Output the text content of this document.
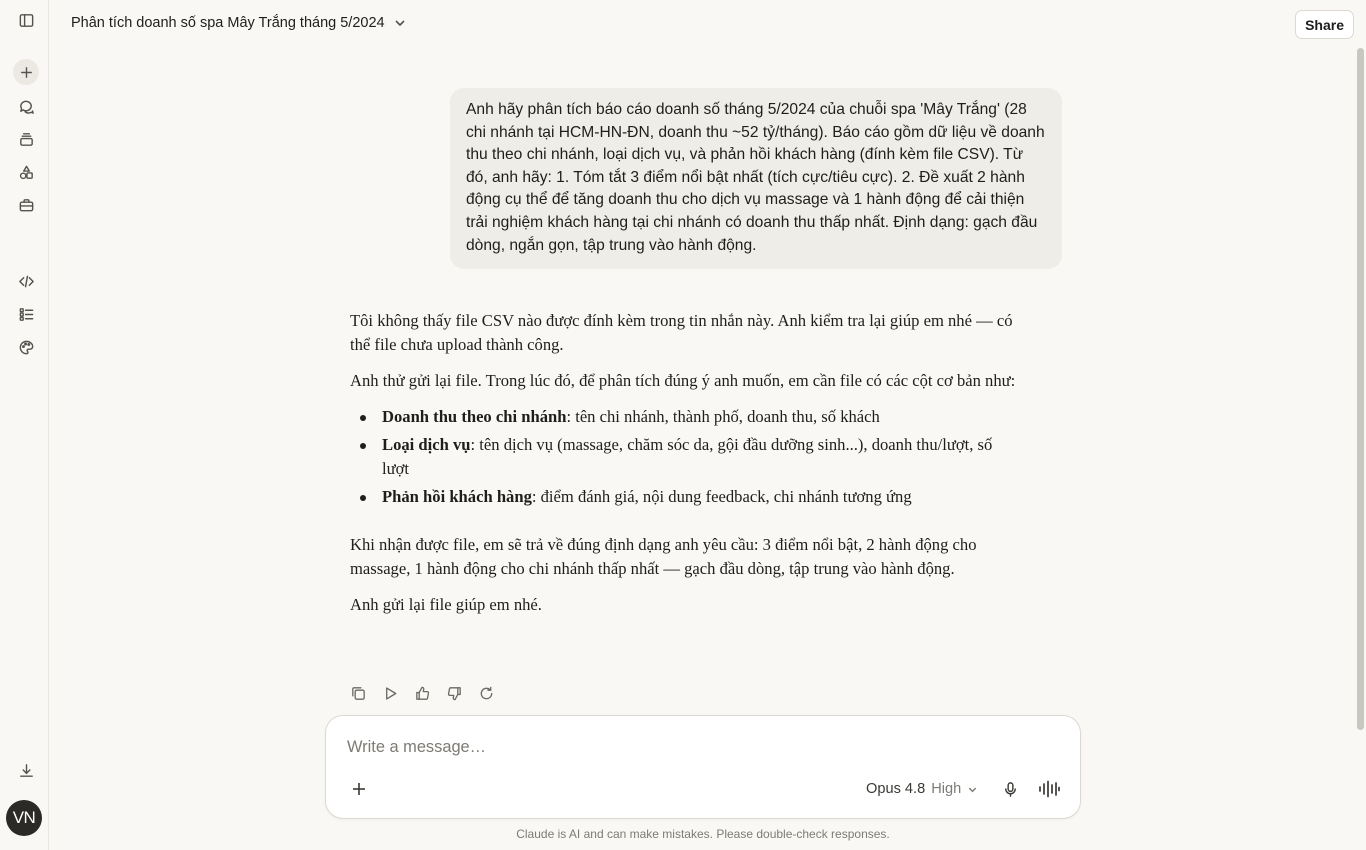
VN
Phân tích doanh số spa Mây Trắng tháng 5/2024	Share
Anh hãy phân tích báo cáo doanh số tháng 5/2024 của chuỗi spa 'Mây Trắng' (28 chi nhánh tại HCM-HN-ĐN, doanh thu ~52 tỷ/tháng). Báo cáo gồm dữ liệu về doanh thu theo chi nhánh, loại dịch vụ, và phản hồi khách hàng (đính kèm file CSV). Từ đó, anh hãy: 1. Tóm tắt 3 điểm nổi bật nhất (tích cực/tiêu cực). 2. Đề xuất 2 hành động cụ thể để tăng doanh thu cho dịch vụ massage và 1 hành động để cải thiện trải nghiệm khách hàng tại chi nhánh có doanh thu thấp nhất. Định dạng: gạch đầu dòng, ngắn gọn, tập trung vào hành động.

Tôi không thấy file CSV nào được đính kèm trong tin nhắn này. Anh kiểm tra lại giúp em nhé — có thể file chưa upload thành công.

Anh thử gửi lại file. Trong lúc đó, để phân tích đúng ý anh muốn, em cần file có các cột cơ bản như:

Doanh thu theo chi nhánh: tên chi nhánh, thành phố, doanh thu, số khách
Loại dịch vụ: tên dịch vụ (massage, chăm sóc da, gội đầu dưỡng sinh...), doanh thu/lượt, số lượt
Phản hồi khách hàng: điểm đánh giá, nội dung feedback, chi nhánh tương ứng

Khi nhận được file, em sẽ trả về đúng định dạng anh yêu cầu: 3 điểm nổi bật, 2 hành động cho massage, 1 hành động cho chi nhánh thấp nhất — gạch đầu dòng, tập trung vào hành động.

Anh gửi lại file giúp em nhé.

Write a message…
Opus 4.8 High
Claude is AI and can make mistakes. Please double-check responses.
